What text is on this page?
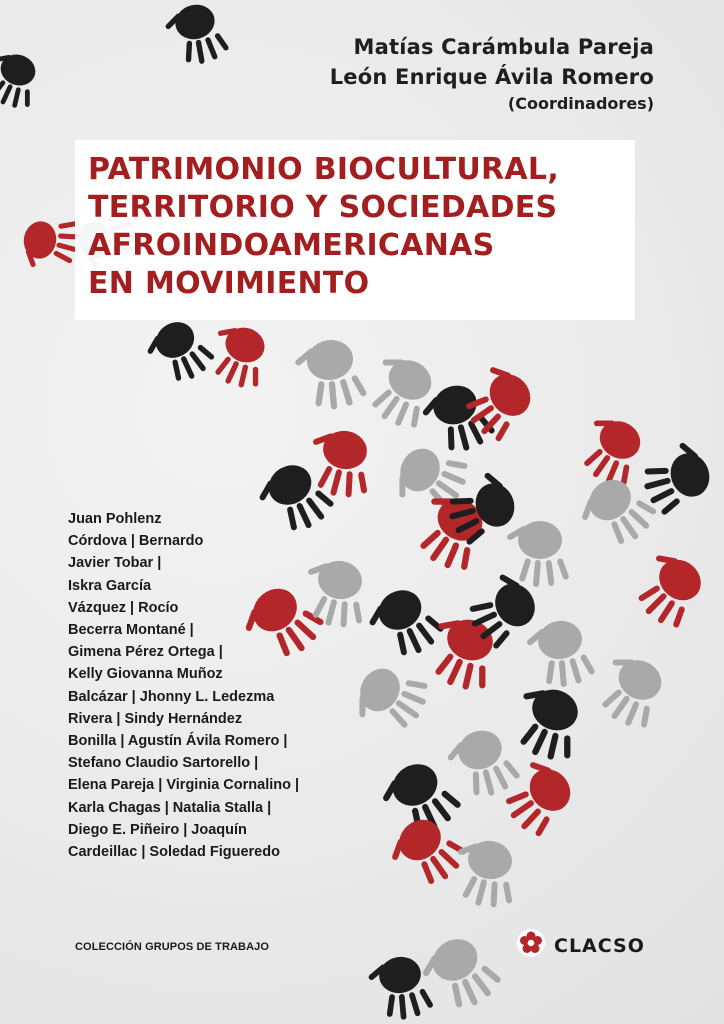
Matías Carámbula Pareja
León Enrique Ávila Romero
(Coordinadores)
PATRIMONIO BIOCULTURAL,
TERRITORIO Y SOCIEDADES
AFROINDOAMERICANAS
EN MOVIMIENTO
Juan Pohlenz
Córdova | Bernardo
Javier Tobar |
Iskra García
Vázquez | Rocío
Becerra Montané |
Gimena Pérez Ortega |
Kelly Giovanna Muñoz
Balcázar | Jhonny L. Ledezma
Rivera | Sindy Hernández
Bonilla | Agustín Ávila Romero |
Stefano Claudio Sartorello |
Elena Pareja | Virginia Cornalino |
Karla Chagas | Natalia Stalla |
Diego E. Piñeiro | Joaquín
Cardeillac | Soledad Figueredo
COLECCIÓN GRUPOS DE TRABAJO	CLACSO
